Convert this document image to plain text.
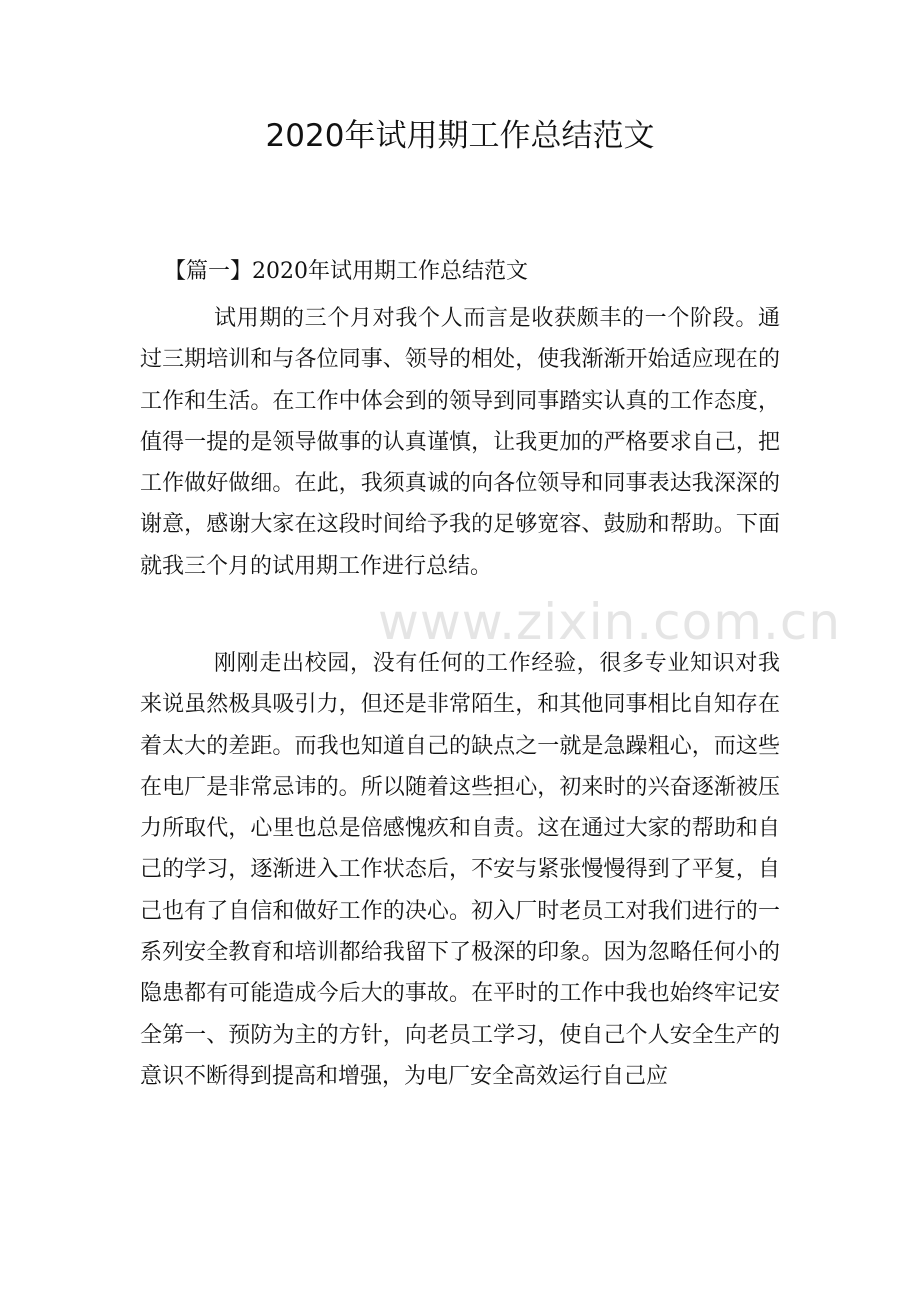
2020年试用期工作总结范文

【篇一】2020年试用期工作总结范文

试用期的三个月对我个人而言是收获颇丰的一个阶段。通过三期培训和与各位同事、领导的相处，使我渐渐开始适应现在的工作和生活。在工作中体会到的领导到同事踏实认真的工作态度，值得一提的是领导做事的认真谨慎，让我更加的严格要求自己，把工作做好做细。在此，我须真诚的向各位领导和同事表达我深深的谢意，感谢大家在这段时间给予我的足够宽容、鼓励和帮助。下面就我三个月的试用期工作进行总结。

刚刚走出校园，没有任何的工作经验，很多专业知识对我来说虽然极具吸引力，但还是非常陌生，和其他同事相比自知存在着太大的差距。而我也知道自己的缺点之一就是急躁粗心，而这些在电厂是非常忌讳的。所以随着这些担心，初来时的兴奋逐渐被压力所取代，心里也总是倍感愧疚和自责。这在通过大家的帮助和自己的学习，逐渐进入工作状态后，不安与紧张慢慢得到了平复，自己也有了自信和做好工作的决心。初入厂时老员工对我们进行的一系列安全教育和培训都给我留下了极深的印象。因为忽略任何小的隐患都有可能造成今后大的事故。在平时的工作中我也始终牢记安全第一、预防为主的方针，向老员工学习，使自己个人安全生产的意识不断得到提高和增强，为电厂安全高效运行自己应

www.zixin.com.cn
